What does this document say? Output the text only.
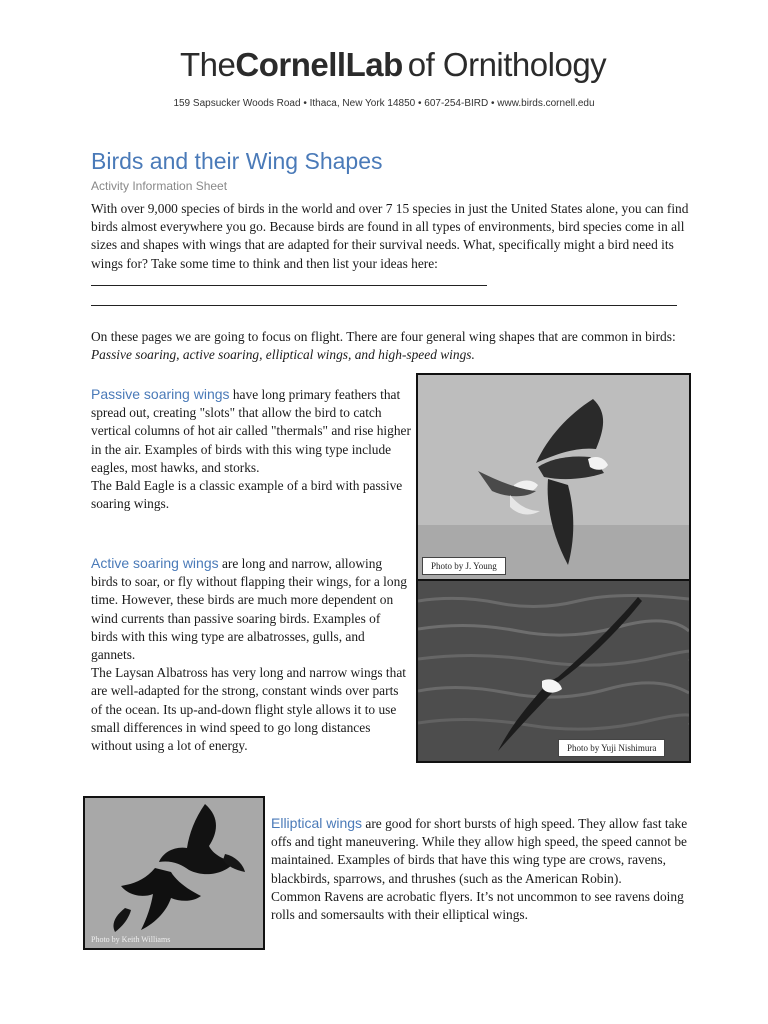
The Cornell Lab of Ornithology
159 Sapsucker Woods Road • Ithaca, New York 14850 • 607-254-BIRD • www.birds.cornell.edu
Birds and their Wing Shapes
Activity Information Sheet

With over 9,000 species of birds in the world and over 7 15 species in just the United States alone, you can find birds almost everywhere you go. Because birds are found in all types of environments, bird species come in all sizes and shapes with wings that are adapted for their survival needs. What, specifically might a bird need its wings for? Take some time to think and then list your ideas here:

On these pages we are going to focus on flight. There are four general wing shapes that are common in birds: Passive soaring, active soaring, elliptical wings, and high-speed wings.

Passive soaring wings have long primary feathers that spread out, creating "slots" that allow the bird to catch vertical columns of hot air called "thermals" and rise higher in the air. Examples of birds with this wing type include eagles, most hawks, and storks.
The Bald Eagle is a classic example of a bird with passive soaring wings.

Active soaring wings are long and narrow, allowing birds to soar, or fly without flapping their wings, for a long time. However, these birds are much more dependent on wind currents than passive soaring birds. Examples of birds with this wing type are albatrosses, gulls, and gannets.
The Laysan Albatross has very long and narrow wings that are well-adapted for the strong, constant winds over parts of the ocean. Its up-and-down flight style allows it to use small differences in wind speed to go long distances without using a lot of energy.

Elliptical wings are good for short bursts of high speed. They allow fast take offs and tight maneuvering. While they allow high speed, the speed cannot be maintained. Examples of birds that have this wing type are crows, ravens, blackbirds, sparrows, and thrushes (such as the American Robin).
Common Ravens are acrobatic flyers. It’s not uncommon to see ravens doing rolls and somersaults with their elliptical wings.

Photo by J. Young
Photo by Yuji Nishimura
Photo by Keith Williams
